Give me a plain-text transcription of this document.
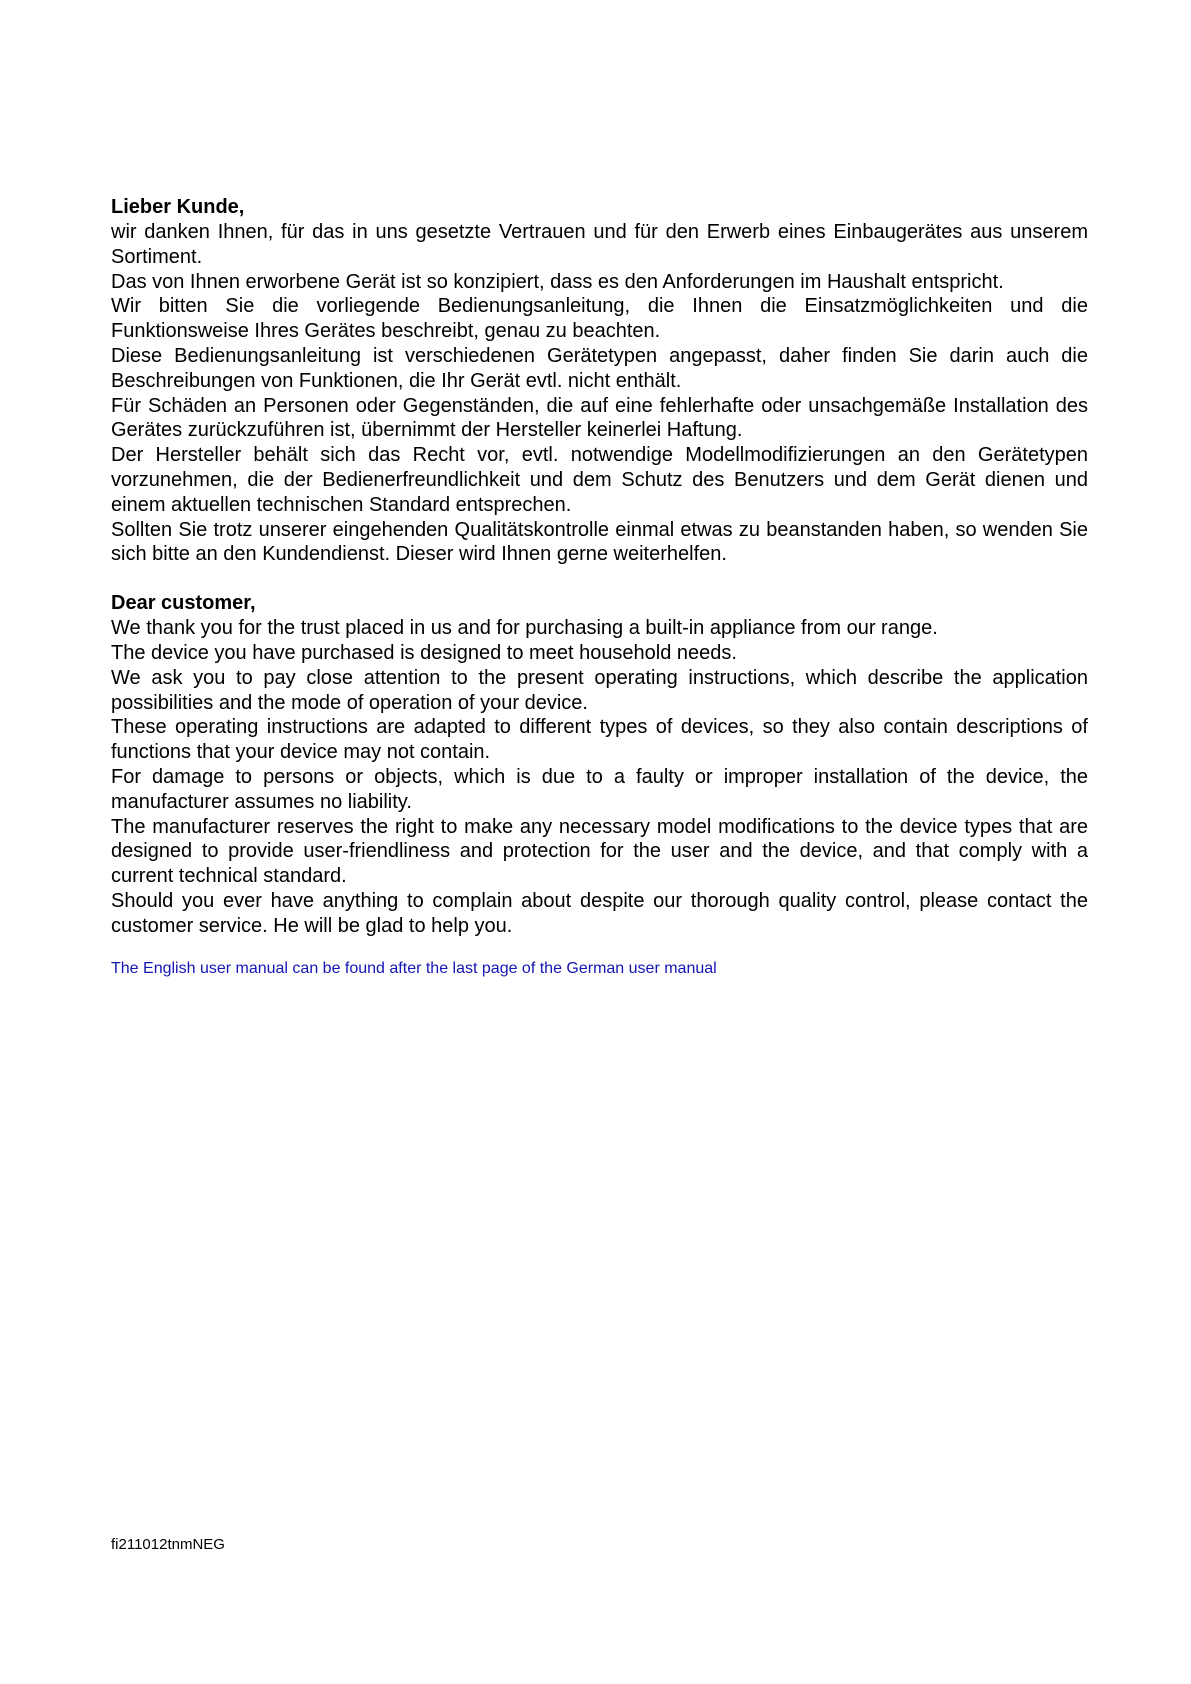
Lieber Kunde,

wir danken Ihnen, für das in uns gesetzte Vertrauen und für den Erwerb eines Einbaugerätes aus unserem Sortiment.

Das von Ihnen erworbene Gerät ist so konzipiert, dass es den Anforderungen im Haushalt entspricht.

Wir bitten Sie die vorliegende Bedienungsanleitung, die Ihnen die Einsatzmöglichkeiten und die Funktionsweise Ihres Gerätes beschreibt, genau zu beachten.

Diese Bedienungsanleitung ist verschiedenen Gerätetypen angepasst, daher finden Sie darin auch die Beschreibungen von Funktionen, die Ihr Gerät evtl. nicht enthält.

Für Schäden an Personen oder Gegenständen, die auf eine fehlerhafte oder unsachgemäße Installation des Gerätes zurückzuführen ist, übernimmt der Hersteller keinerlei Haftung.

Der Hersteller behält sich das Recht vor, evtl. notwendige Modellmodifizierungen an den Gerätetypen vorzunehmen, die der Bedienerfreundlichkeit und dem Schutz des Benutzers und dem Gerät dienen und einem aktuellen technischen Standard entsprechen.

Sollten Sie trotz unserer eingehenden Qualitätskontrolle einmal etwas zu beanstanden haben, so wenden Sie sich bitte an den Kundendienst. Dieser wird Ihnen gerne weiterhelfen.

Dear customer,

We thank you for the trust placed in us and for purchasing a built-in appliance from our range.

The device you have purchased is designed to meet household needs.

We ask you to pay close attention to the present operating instructions, which describe the application possibilities and the mode of operation of your device.

These operating instructions are adapted to different types of devices, so they also contain descriptions of functions that your device may not contain.

For damage to persons or objects, which is due to a faulty or improper installation of the device, the manufacturer assumes no liability.

The manufacturer reserves the right to make any necessary model modifications to the device types that are designed to provide user-friendliness and protection for the user and the device, and that comply with a current technical standard.

Should you ever have anything to complain about despite our thorough quality control, please contact the customer service. He will be glad to help you.

The English user manual can be found after the last page of the German user manual

fi211012tnmNEG
